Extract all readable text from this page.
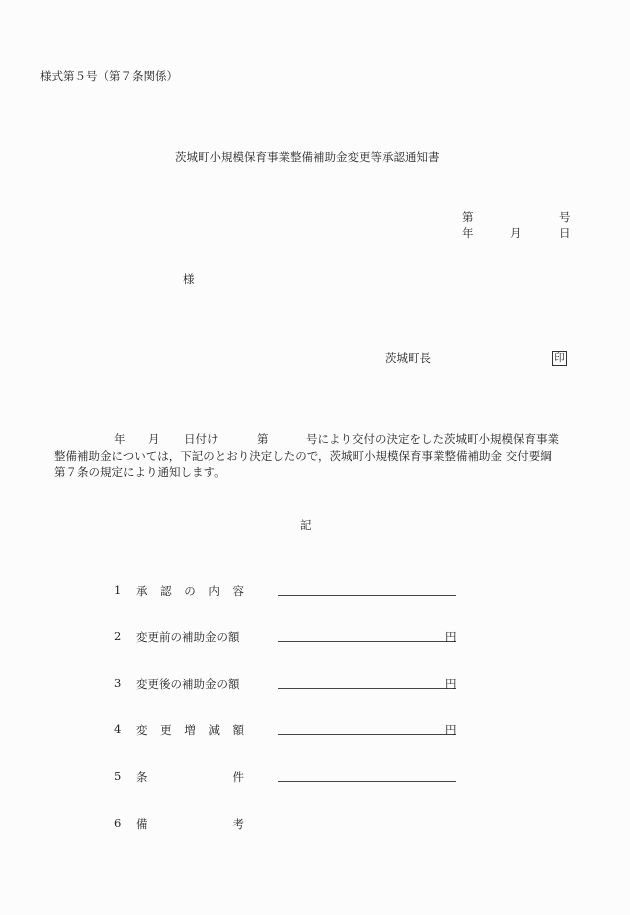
様式第５号（第７条関係）
茨城町小規模保育事業整備補助金変更等承認通知書
第	号
年	月	日
様
茨城町長	印
年 月 日付け	第	号により交付の決定をした茨城町小規模保育事業
整備補助金については，下記のとおり決定したので，茨城町小規模保育事業整備補助金 交付要綱
第７条の規定により通知します。
記
1 承 認 の 内 容
2 変更前の補助金の額	円
3 変更後の補助金の額	円
4 変 更 増 減 額	円
5 条	件
6 備	考
